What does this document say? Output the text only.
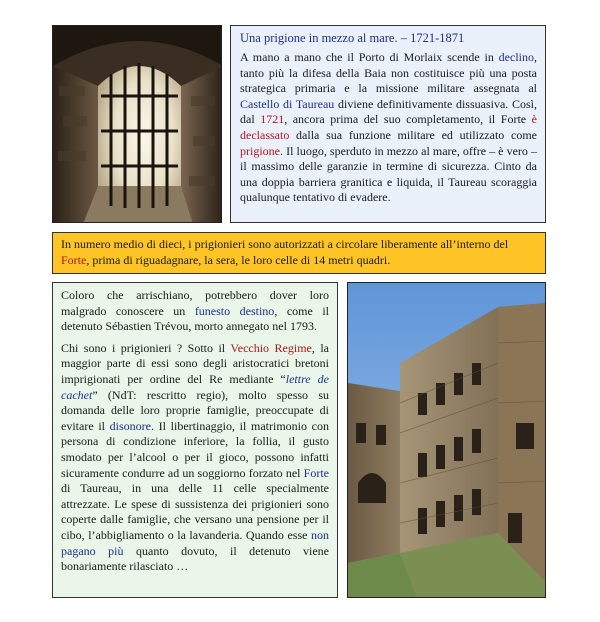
Una prigione in mezzo al mare. – 1721-1871

A mano a mano che il Porto di Morlaix scende in declino, tanto più la difesa della Baia non costituisce più una posta strategica primaria e la missione militare assegnata al Castello di Taureau diviene definitivamente dissuasiva. Così, dal 1721, ancora prima del suo completamento, il Forte è declassato dalla sua funzione militare ed utilizzato come prigione. Il luogo, sperduto in mezzo al mare, offre – è vero – il massimo delle garanzie in termine di sicurezza. Cinto da una doppia barriera granitica e liquida, il Taureau scoraggia qualunque tentativo di evadere.

In numero medio di dieci, i prigionieri sono autorizzati a circolare liberamente all’interno del Forte, prima di riguadagnare, la sera, le loro celle di 14 metri quadri.

Coloro che arrischiano, potrebbero dover loro malgrado conoscere un funesto destino, come il detenuto Sébastien Trévou, morto annegato nel 1793.

Chi sono i prigionieri ? Sotto il Vecchio Regime, la maggior parte di essi sono degli aristocratici bretoni imprigionati per ordine del Re mediante “lettre de cachet” (NdT: rescritto regio), molto spesso su domanda delle loro proprie famiglie, preoccupate di evitare il disonore. Il libertinaggio, il matrimonio con persona di condizione inferiore, la follia, il gusto smodato per l’alcool o per il gioco, possono infatti sicuramente condurre ad un soggiorno forzato nel Forte di Taureau, in una delle 11 celle specialmente attrezzate. Le spese di sussistenza dei prigionieri sono coperte dalle famiglie, che versano una pensione per il cibo, l’abbigliamento o la lavanderia. Quando esse non pagano più quanto dovuto, il detenuto viene bonariamente rilasciato …
